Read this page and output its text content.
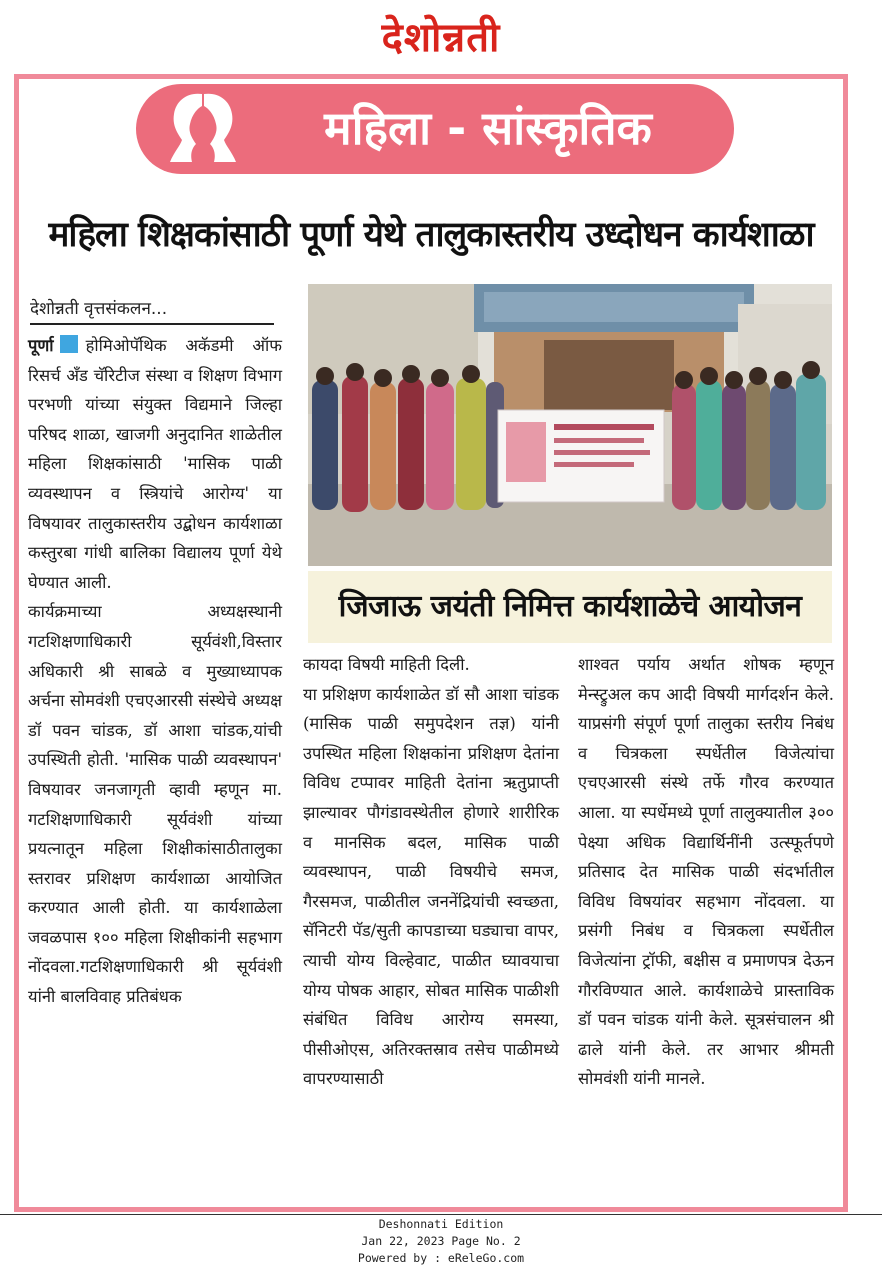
देशोन्नती
महिला - सांस्कृतिक
महिला शिक्षकांसाठी पूर्णा येथे तालुकास्तरीय उध्दोधन कार्यशाळा
देशोन्नती वृत्तसंकलन...
जिजाऊ जयंती निमित्त कार्यशाळेचे आयोजन
पूर्णा होमिओपॅथिक अकॅडमी ऑफ रिसर्च अँड चॅरिटीज संस्था व शिक्षण विभाग परभणी यांच्या संयुक्त विद्यमाने जिल्हा परिषद शाळा, खाजगी अनुदानित शाळेतील महिला शिक्षकांसाठी 'मासिक पाळी व्यवस्थापन व स्त्रियांचे आरोग्य' या विषयावर तालुकास्तरीय उद्बोधन कार्यशाळा कस्तुरबा गांधी बालिका विद्यालय पूर्णा येथे घेण्यात आली.
कार्यक्रमाच्या अध्यक्षस्थानी गटशिक्षणाधिकारी सूर्यवंशी,विस्तार अधिकारी श्री साबळे व मुख्याध्यापक अर्चना सोमवंशी एचएआरसी संस्थेचे अध्यक्ष डॉ पवन चांडक, डॉ आशा चांडक,यांची उपस्थिती होती. 'मासिक पाळी व्यवस्थापन' विषयावर जनजागृती व्हावी म्हणून मा. गटशिक्षणाधिकारी सूर्यवंशी यांच्या प्रयत्नातून महिला शिक्षीकांसाठीतालुका स्तरावर प्रशिक्षण कार्यशाळा आयोजित करण्यात आली होती. या कार्यशाळेला जवळपास १०० महिला शिक्षीकांनी सहभाग नोंदवला.गटशिक्षणाधिकारी श्री सूर्यवंशी यांनी बालविवाह प्रतिबंधक
कायदा विषयी माहिती दिली.
या प्रशिक्षण कार्यशाळेत डॉ सौ आशा चांडक (मासिक पाळी समुपदेशन तज्ञ) यांनी उपस्थित महिला शिक्षकांना प्रशिक्षण देतांना विविध टप्पावर माहिती देतांना ऋतुप्राप्ती झाल्यावर पौगंडावस्थेतील होणारे शारीरिक व मानसिक बदल, मासिक पाळी व्यवस्थापन, पाळी विषयीचे समज, गैरसमज, पाळीतील जननेंद्रियांची स्वच्छता, सॅनिटरी पॅड/सुती कापडाच्या घड्याचा वापर, त्याची योग्य विल्हेवाट, पाळीत घ्यावयाचा योग्य पोषक आहार, सोबत मासिक पाळीशी संबंधित विविध आरोग्य समस्या, पीसीओएस, अतिरक्तस्राव तसेच पाळीमध्ये वापरण्यासाठी
शाश्वत पर्याय अर्थात शोषक म्हणून मेन्स्ट्रुअल कप आदी विषयी मार्गदर्शन केले. याप्रसंगी संपूर्ण पूर्णा तालुका स्तरीय निबंध व चित्रकला स्पर्धेतील विजेत्यांचा एचएआरसी संस्थे तर्फे गौरव करण्यात आला. या स्पर्धेमध्ये पूर्णा तालुक्यातील ३०० पेक्ष्या अधिक विद्यार्थिनींनी उत्स्फूर्तपणे प्रतिसाद देत मासिक पाळी संदर्भातील विविध विषयांवर सहभाग नोंदवला. या प्रसंगी निबंध व चित्रकला स्पर्धेतील विजेत्यांना ट्रॉफी, बक्षीस व प्रमाणपत्र देऊन गौरविण्यात आले. कार्यशाळेचे प्रास्ताविक डॉ पवन चांडक यांनी केले. सूत्रसंचालन श्री ढाले यांनी केले. तर आभार श्रीमती सोमवंशी यांनी मानले.
Deshonnati Edition
Jan 22, 2023 Page No. 2
Powered by : eReleGo.com
